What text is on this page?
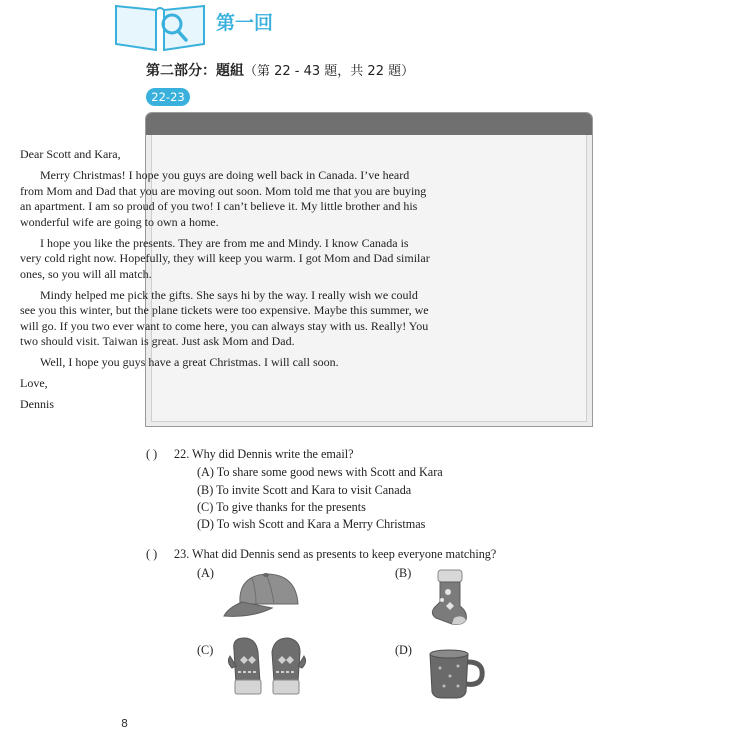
第一回
第二部分：題組（第 22 - 43 題，共 22 題）
22-23

Dear Scott and Kara,

Merry Christmas! I hope you guys are doing well back in Canada. I’ve heard from Mom and Dad that you are moving out soon. Mom told me that you are buying an apartment. I am so proud of you two! I can’t believe it. My little brother and his wonderful wife are going to own a home.

I hope you like the presents. They are from me and Mindy. I know Canada is very cold right now. Hopefully, they will keep you warm. I got Mom and Dad similar ones, so you will all match.

Mindy helped me pick the gifts. She says hi by the way. I really wish we could see you this winter, but the plane tickets were too expensive. Maybe this summer, we will go. If you two ever want to come here, you can always stay with us. Really! You two should visit. Taiwan is great. Just ask Mom and Dad.

Well, I hope you guys have a great Christmas. I will call soon.

Love,

Dennis

( ) 22. Why did Dennis write the email?
(A) To share some good news with Scott and Kara
(B) To invite Scott and Kara to visit Canada
(C) To give thanks for the presents
(D) To wish Scott and Kara a Merry Christmas
( ) 23. What did Dennis send as presents to keep everyone matching?
(A)	(B)
(C)	(D)
8
